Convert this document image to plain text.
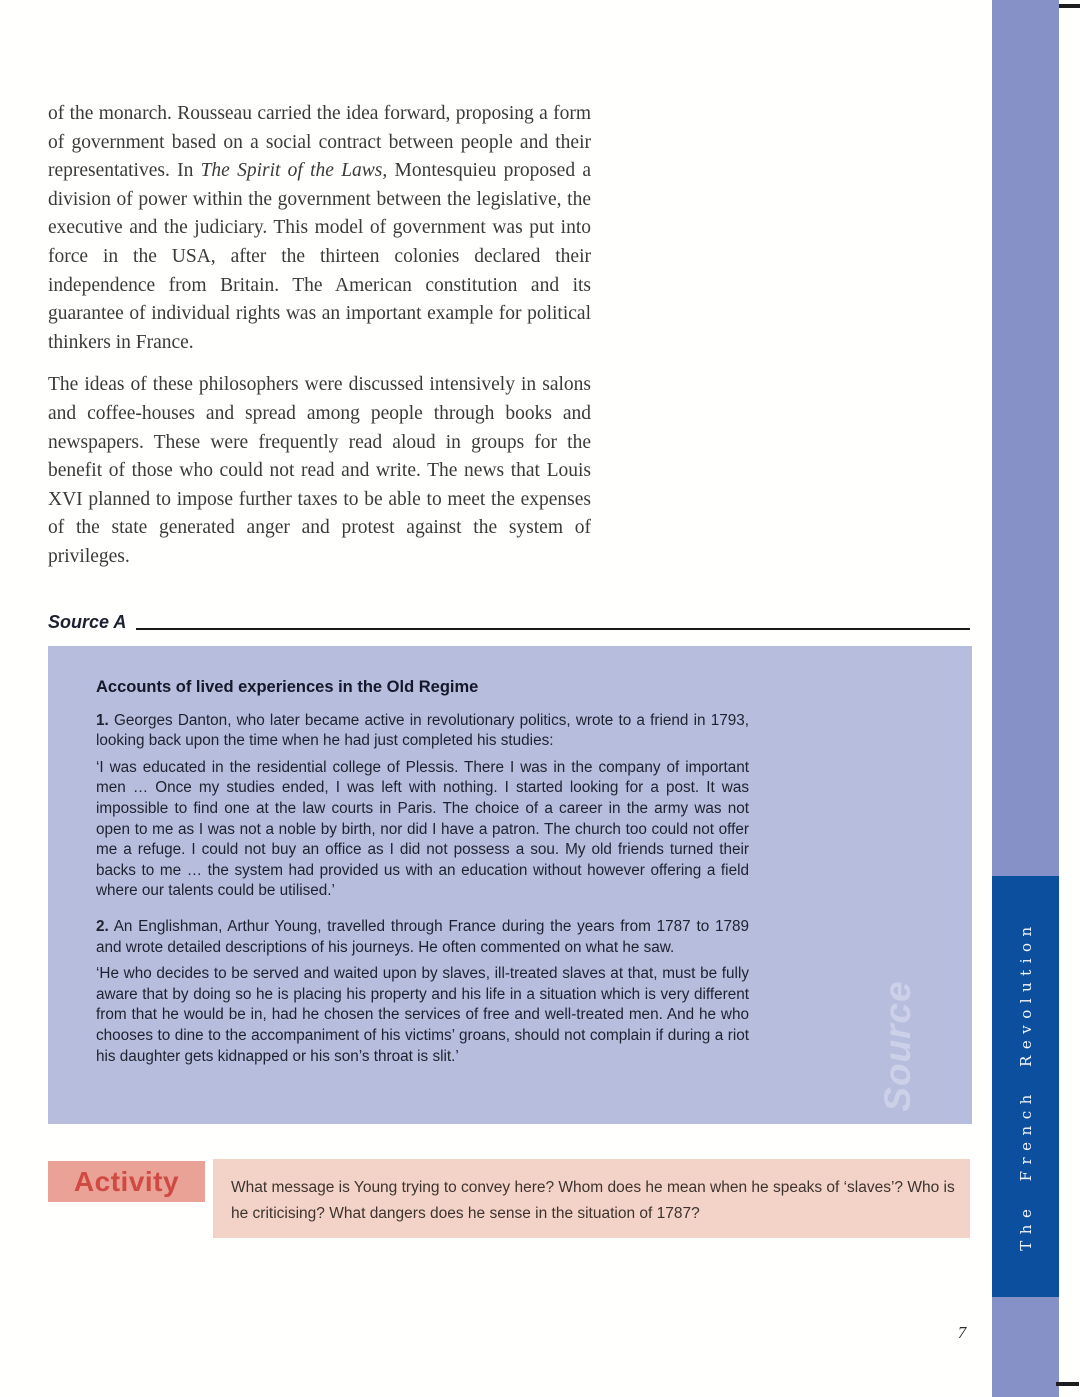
of the monarch. Rousseau carried the idea forward, proposing a form of government based on a social contract between people and their representatives. In The Spirit of the Laws, Montesquieu proposed a division of power within the government between the legislative, the executive and the judiciary. This model of government was put into force in the USA, after the thirteen colonies declared their independence from Britain. The American constitution and its guarantee of individual rights was an important example for political thinkers in France.

The ideas of these philosophers were discussed intensively in salons and coffee-houses and spread among people through books and newspapers. These were frequently read aloud in groups for the benefit of those who could not read and write. The news that Louis XVI planned to impose further taxes to be able to meet the expenses of the state generated anger and protest against the system of privileges.

Source A
Accounts of lived experiences in the Old Regime

1. Georges Danton, who later became active in revolutionary politics, wrote to a friend in 1793, looking back upon the time when he had just completed his studies:

‘I was educated in the residential college of Plessis. There I was in the company of important men … Once my studies ended, I was left with nothing. I started looking for a post. It was impossible to find one at the law courts in Paris. The choice of a career in the army was not open to me as I was not a noble by birth, nor did I have a patron. The church too could not offer me a refuge. I could not buy an office as I did not possess a sou. My old friends turned their backs to me … the system had provided us with an education without however offering a field where our talents could be utilised.’

2. An Englishman, Arthur Young, travelled through France during the years from 1787 to 1789 and wrote detailed descriptions of his journeys. He often commented on what he saw.

‘He who decides to be served and waited upon by slaves, ill-treated slaves at that, must be fully aware that by doing so he is placing his property and his life in a situation which is very different from that he would be in, had he chosen the services of free and well-treated men. And he who chooses to dine to the accompaniment of his victims’ groans, should not complain if during a riot his daughter gets kidnapped or his son’s throat is slit.’	Source
Activity	What message is Young trying to convey here? Whom does he mean when he speaks of ‘slaves’? Who is he criticising? What dangers does he sense in the situation of 1787?	The French Revolution
7
